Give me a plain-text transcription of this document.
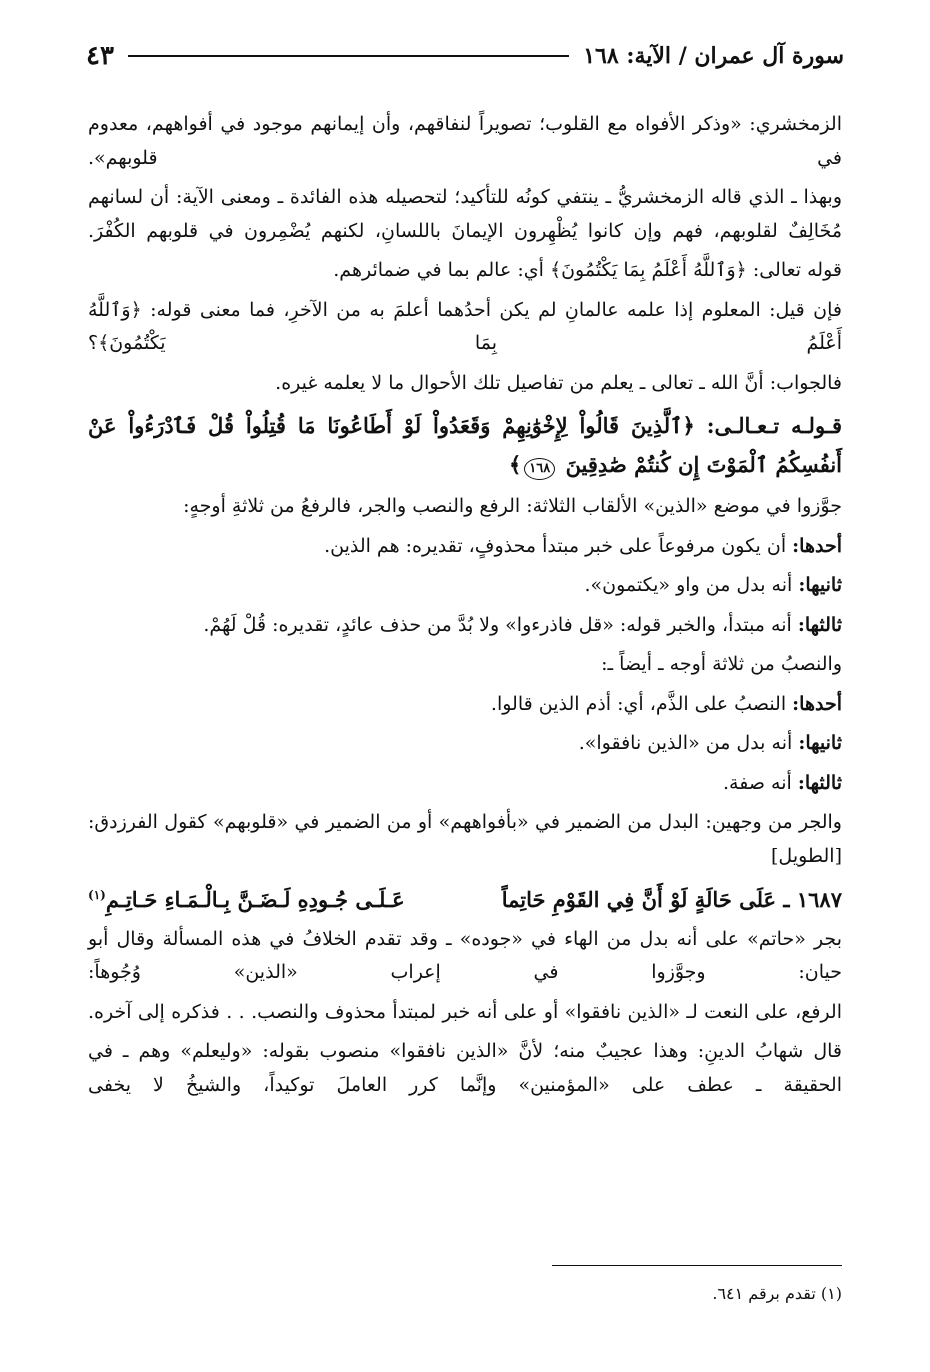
سورة آل عمران / الآية: ١٦٨
٤٣

الزمخشري: «وذكر الأفواه مع القلوب؛ تصويراً لنفاقهم، وأن إيمانهم موجود في أفواههم، معدوم في قلوبهم».

وبهذا ـ الذي قاله الزمخشريُّ ـ ينتفي كونُه للتأكيد؛ لتحصيله هذه الفائدة ـ ومعنى الآية: أن لسانهم مُخَالِفٌ لقلوبهم، فهم وإن كانوا يُظْهِرون الإيمانَ باللسانِ، لكنهم يُضْمِرون في قلوبهم الكُفْرَ.

قوله تعالى: ﴿وَٱللَّهُ أَعْلَمُ بِمَا يَكْتُمُونَ﴾ أي: عالم بما في ضمائرهم.

فإن قيل: المعلوم إذا علمه عالمانِ لم يكن أحدُهما أعلمَ به من الآخرِ، فما معنى قوله: ﴿وَٱللَّهُ أَعْلَمُ بِمَا يَكْتُمُونَ﴾؟

فالجواب: أنَّ الله ـ تعالى ـ يعلم من تفاصيل تلك الأحوال ما لا يعلمه غيره.

قـولـه تـعـالـى: ﴿ٱلَّذِينَ قَالُواْ لِإِخْوَٰنِهِمْ وَقَعَدُواْ لَوْ أَطَاعُونَا مَا قُتِلُواْ قُلْ فَٱدْرَءُواْ عَنْ أَنفُسِكُمُ ٱلْمَوْتَ إِن كُنتُمْ صَٰدِقِينَ ١٦٨﴾

جوَّزوا في موضع «الذين» الألقاب الثلاثة: الرفع والنصب والجر، فالرفعُ من ثلاثةِ أوجهٍ:

أحدها: أن يكون مرفوعاً على خبر مبتدأ محذوفٍ، تقديره: هم الذين.

ثانيها: أنه بدل من واو «يكتمون».

ثالثها: أنه مبتدأ، والخبر قوله: «قل فاذرءوا» ولا بُدَّ من حذف عائدٍ، تقديره: قُلْ لَهُمْ.

والنصبُ من ثلاثة أوجه ـ أيضاً ـ:

أحدها: النصبُ على الذَّم، أي: أذم الذين قالوا.

ثانيها: أنه بدل من «الذين نافقوا».

ثالثها: أنه صفة.

والجر من وجهين: البدل من الضمير في «بأفواههم» أو من الضمير في «قلوبهم» كقول الفرزدق: [الطويل]

١٦٨٧ ـ عَلَى حَالَةٍ لَوْ أَنَّ فِي القَوْمِ حَاتِماً
عَـلَـى جُـودِهِ لَـضَـنَّ بِـالْـمَـاءِ حَـاتِـمِ$^{(١)}$

بجر «حاتم» على أنه بدل من الهاء في «جوده» ـ وقد تقدم الخلافُ في هذه المسألة وقال أبو حيان: وجوَّزوا في إعراب «الذين» وُجُوهاً:

الرفع، على النعت لـ «الذين نافقوا» أو على أنه خبر لمبتدأ محذوف والنصب. . . فذكره إلى آخره.

قال شهابُ الدينِ: وهذا عجيبٌ منه؛ لأنَّ «الذين نافقوا» منصوب بقوله: «وليعلم» وهم ـ في الحقيقة ـ عطف على «المؤمنين» وإنَّما كرر العاملَ توكيداً، والشيخُ لا يخفى

(١) تقدم برقم ٦٤١.
